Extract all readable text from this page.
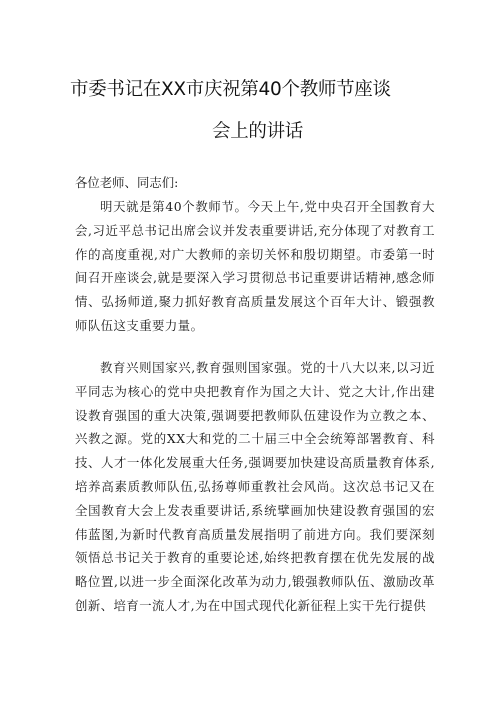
市委书记在XX市庆祝第40个教师节座谈
会上的讲话
各位老师、同志们:

明天就是第40个教师节。今天上午,党中央召开全国教育大会,习近平总书记出席会议并发表重要讲话,充分体现了对教育工作的高度重视,对广大教师的亲切关怀和殷切期望。市委第一时间召开座谈会,就是要深入学习贯彻总书记重要讲话精神,感念师情、弘扬师道,聚力抓好教育高质量发展这个百年大计、锻强教师队伍这支重要力量。

教育兴则国家兴,教育强则国家强。党的十八大以来,以习近平同志为核心的党中央把教育作为国之大计、党之大计,作出建设教育强国的重大决策,强调要把教师队伍建设作为立教之本、兴教之源。党的XX大和党的二十届三中全会统筹部署教育、科技、人才一体化发展重大任务,强调要加快建设高质量教育体系,培养高素质教师队伍,弘扬尊师重教社会风尚。这次总书记又在全国教育大会上发表重要讲话,系统擘画加快建设教育强国的宏伟蓝图,为新时代教育高质量发展指明了前进方向。我们要深刻领悟总书记关于教育的重要论述,始终把教育摆在优先发展的战略位置,以进一步全面深化改革为动力,锻强教师队伍、激励改革创新、培育一流人才,为在中国式现代化新征程上实干先行提供
